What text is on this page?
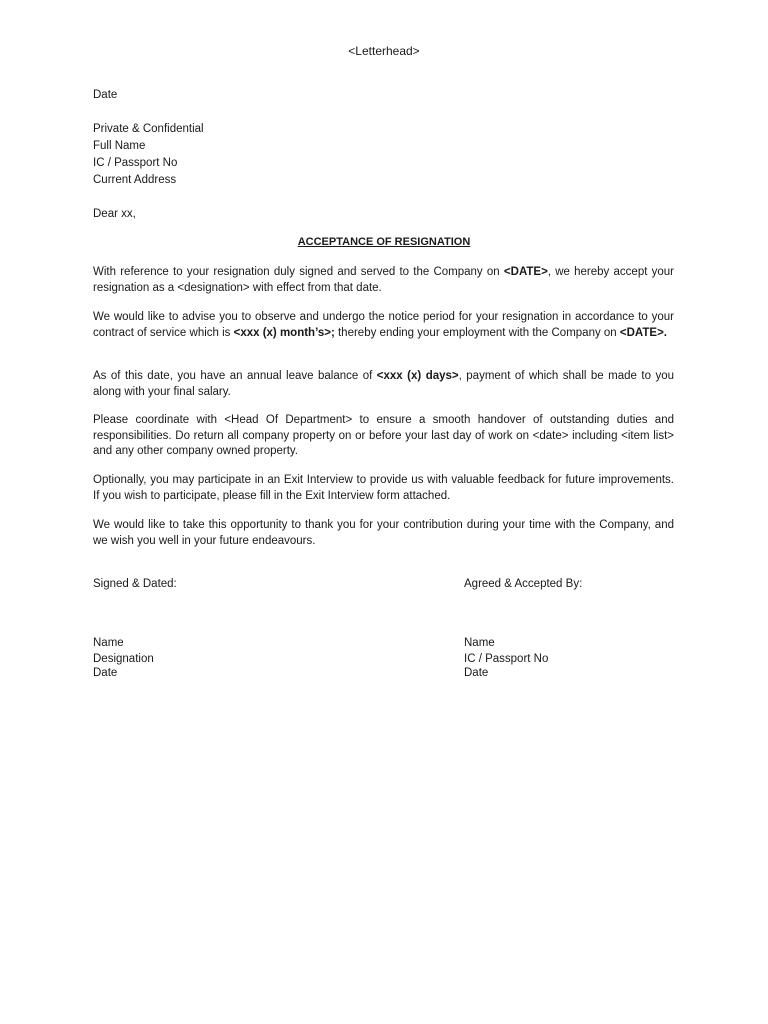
<Letterhead>
Date
Private & Confidential
Full Name
IC / Passport No
Current Address
Dear xx,
ACCEPTANCE OF RESIGNATION
With reference to your resignation duly signed and served to the Company on <DATE>, we hereby accept your resignation as a <designation> with effect from that date.
We would like to advise you to observe and undergo the notice period for your resignation in accordance to your contract of service which is <xxx (x) month’s>; thereby ending your employment with the Company on <DATE>.
As of this date, you have an annual leave balance of <xxx (x) days>, payment of which shall be made to you along with your final salary.
Please coordinate with <Head Of Department> to ensure a smooth handover of outstanding duties and responsibilities. Do return all company property on or before your last day of work on <date> including <item list> and any other company owned property.
Optionally, you may participate in an Exit Interview to provide us with valuable feedback for future improvements. If you wish to participate, please fill in the Exit Interview form attached.
We would like to take this opportunity to thank you for your contribution during your time with the Company, and we wish you well in your future endeavours.
Signed & Dated:	Agreed & Accepted By:
Name
Designation
Date
Name
IC / Passport No
Date
